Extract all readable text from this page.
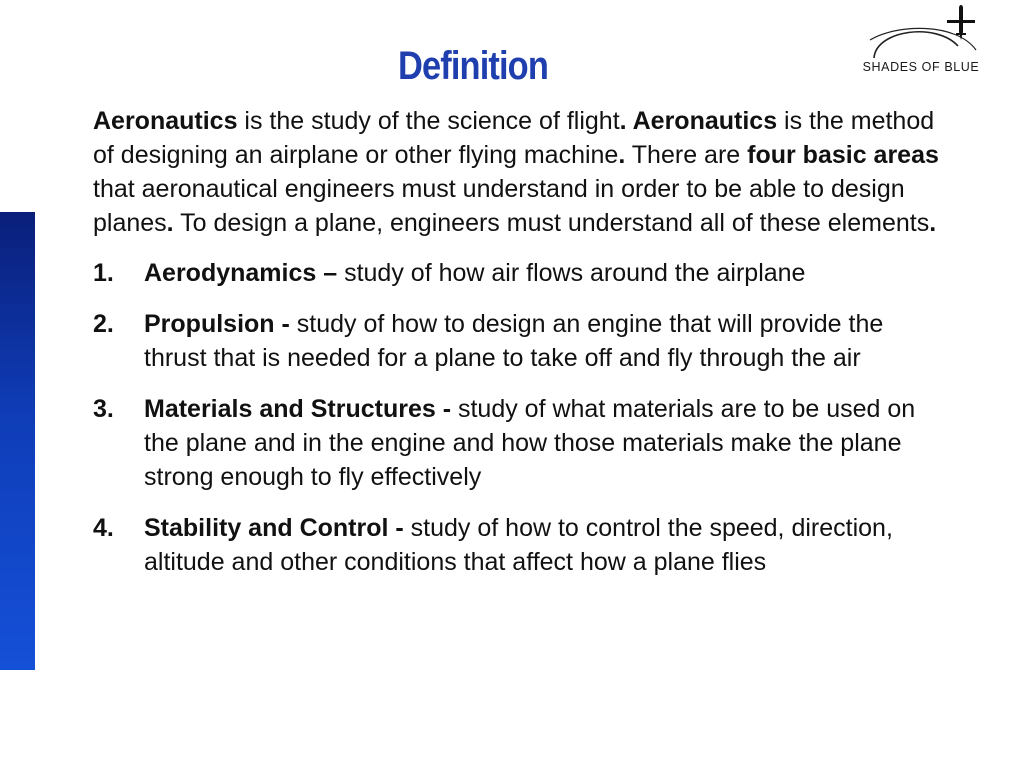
Definition	SHADES OF BLUE

Aeronautics is the study of the science of flight. Aeronautics is the method of designing an airplane or other flying machine. There are four basic areas that aeronautical engineers must understand in order to be able to design planes. To design a plane, engineers must understand all of these elements.

1. Aerodynamics – study of how air flows around the airplane
2. Propulsion - study of how to design an engine that will provide the thrust that is needed for a plane to take off and fly through the air
3. Materials and Structures - study of what materials are to be used on the plane and in the engine and how those materials make the plane strong enough to fly effectively
4. Stability and Control - study of how to control the speed, direction, altitude and other conditions that affect how a plane flies
